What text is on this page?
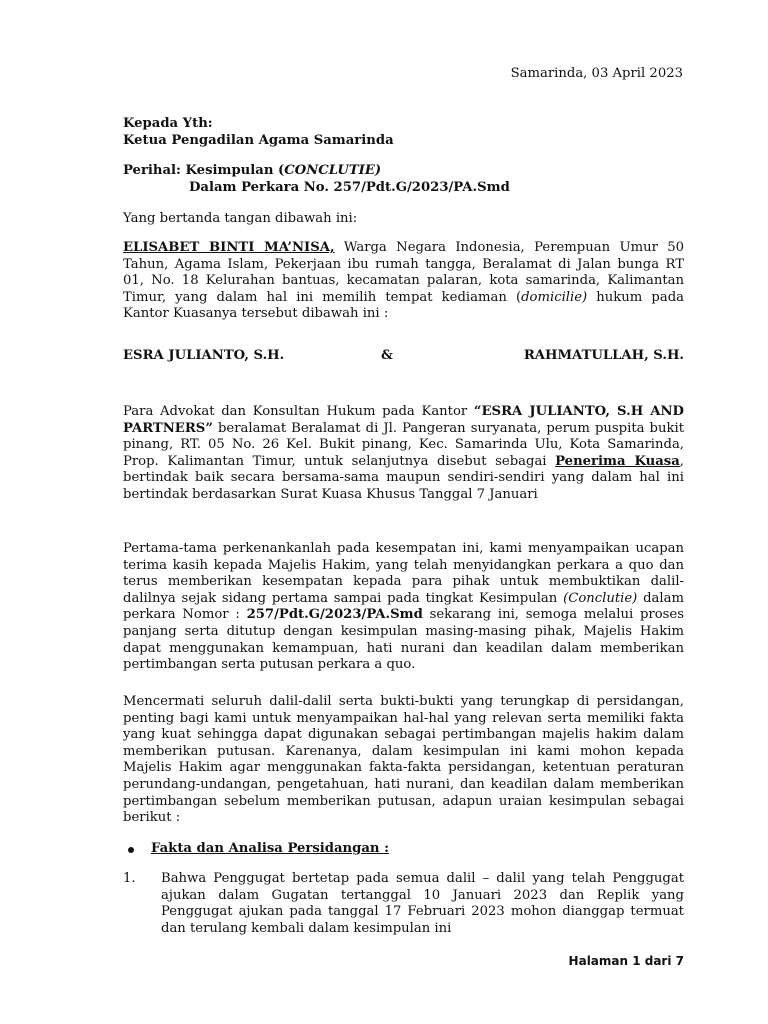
Samarinda, 03 April 2023
Kepada Yth:
Ketua Pengadilan Agama Samarinda
Perihal: Kesimpulan (CONCLUTIE)
Dalam Perkara No. 257/Pdt.G/2023/PA.Smd
Yang bertanda tangan dibawah ini:
ELISABET BINTI MA’NISA, Warga Negara Indonesia, Perempuan Umur 50 Tahun, Agama Islam, Pekerjaan ibu rumah tangga, Beralamat di Jalan bunga RT 01, No. 18 Kelurahan bantuas, kecamatan palaran, kota samarinda, Kalimantan Timur, yang dalam hal ini memilih tempat kediaman (domicilie) hukum pada Kantor Kuasanya tersebut dibawah ini :
ESRA JULIANTO, S.H.	&	RAHMATULLAH, S.H.
Para Advokat dan Konsultan Hukum pada Kantor “ESRA JULIANTO, S.H AND PARTNERS” beralamat Beralamat di Jl. Pangeran suryanata, perum puspita bukit pinang, RT. 05 No. 26 Kel. Bukit pinang, Kec. Samarinda Ulu, Kota Samarinda, Prop. Kalimantan Timur, untuk selanjutnya disebut sebagai Penerima Kuasa, bertindak baik secara bersama-sama maupun sendiri-sendiri yang dalam hal ini bertindak berdasarkan Surat Kuasa Khusus Tanggal 7 Januari
Pertama-tama perkenankanlah pada kesempatan ini, kami menyampaikan ucapan terima kasih kepada Majelis Hakim, yang telah menyidangkan perkara a quo dan terus memberikan kesempatan kepada para pihak untuk membuktikan dalil-dalilnya sejak sidang pertama sampai pada tingkat Kesimpulan (Conclutie) dalam perkara Nomor : 257/Pdt.G/2023/PA.Smd sekarang ini, semoga melalui proses panjang serta ditutup dengan kesimpulan masing-masing pihak, Majelis Hakim dapat menggunakan kemampuan, hati nurani dan keadilan dalam memberikan pertimbangan serta putusan perkara a quo.
Mencermati seluruh dalil-dalil serta bukti-bukti yang terungkap di persidangan, penting bagi kami untuk menyampaikan hal-hal yang relevan serta memiliki fakta yang kuat sehingga dapat digunakan sebagai pertimbangan majelis hakim dalam memberikan putusan. Karenanya, dalam kesimpulan ini kami mohon kepada Majelis Hakim agar menggunakan fakta-fakta persidangan, ketentuan peraturan perundang-undangan, pengetahuan, hati nurani, dan keadilan dalam memberikan pertimbangan sebelum memberikan putusan, adapun uraian kesimpulan sebagai berikut :
Fakta dan Analisa Persidangan :
1. Bahwa Penggugat bertetap pada semua dalil – dalil yang telah Penggugat ajukan dalam Gugatan tertanggal 10 Januari 2023 dan Replik yang Penggugat ajukan pada tanggal 17 Februari 2023 mohon dianggap termuat dan terulang kembali dalam kesimpulan ini
Halaman 1 dari 7
